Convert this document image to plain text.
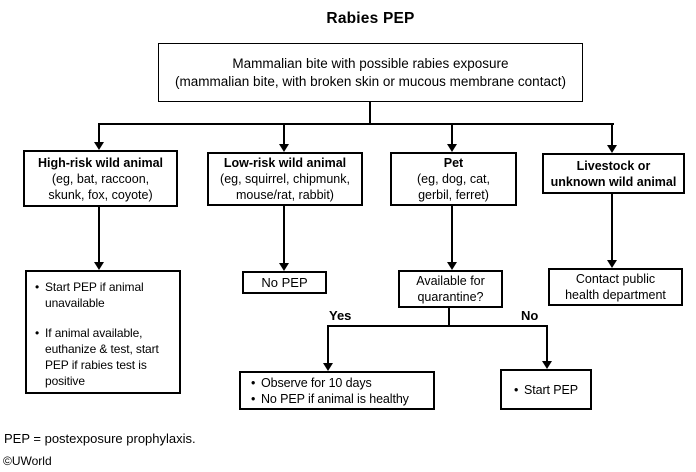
Rabies PEP
Mammalian bite with possible rabies exposure
(mammalian bite, with broken skin or mucous membrane contact)
High-risk wild animal
(eg, bat, raccoon,
skunk, fox, coyote)
Low-risk wild animal
(eg, squirrel, chipmunk,
mouse/rat, rabbit)
Pet
(eg, dog, cat,
gerbil, ferret)
Livestock or
unknown wild animal
• Start PEP if animal unavailable
• If animal available, euthanize & test, start PEP if rabies test is positive
No PEP	Available for
quarantine?
Contact public
health department
Yes	No
• Observe for 10 days
• No PEP if animal is healthy
• Start PEP
PEP = postexposure prophylaxis.
©UWorld
